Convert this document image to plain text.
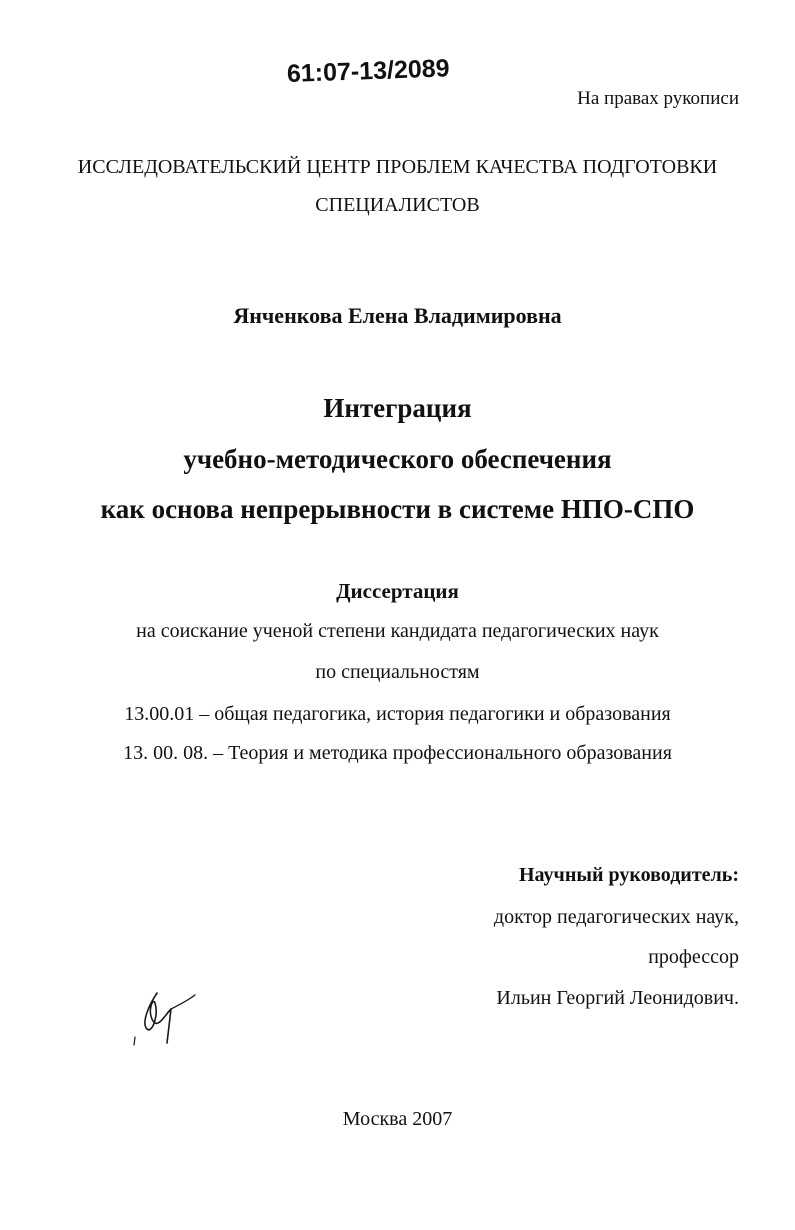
61:07-13/2089
На правах рукописи
ИССЛЕДОВАТЕЛЬСКИЙ ЦЕНТР ПРОБЛЕМ КАЧЕСТВА ПОДГОТОВКИ
СПЕЦИАЛИСТОВ
Янченкова Елена Владимировна
Интеграция
учебно-методического обеспечения
как основа непрерывности в системе НПО-СПО
Диссертация
на соискание ученой степени кандидата педагогических наук
по специальностям
13.00.01 – общая педагогика, история педагогики и образования
13. 00. 08. – Теория и методика профессионального образования
Научный руководитель:
доктор педагогических наук,
профессор
Ильин Георгий Леонидович.
Москва 2007
